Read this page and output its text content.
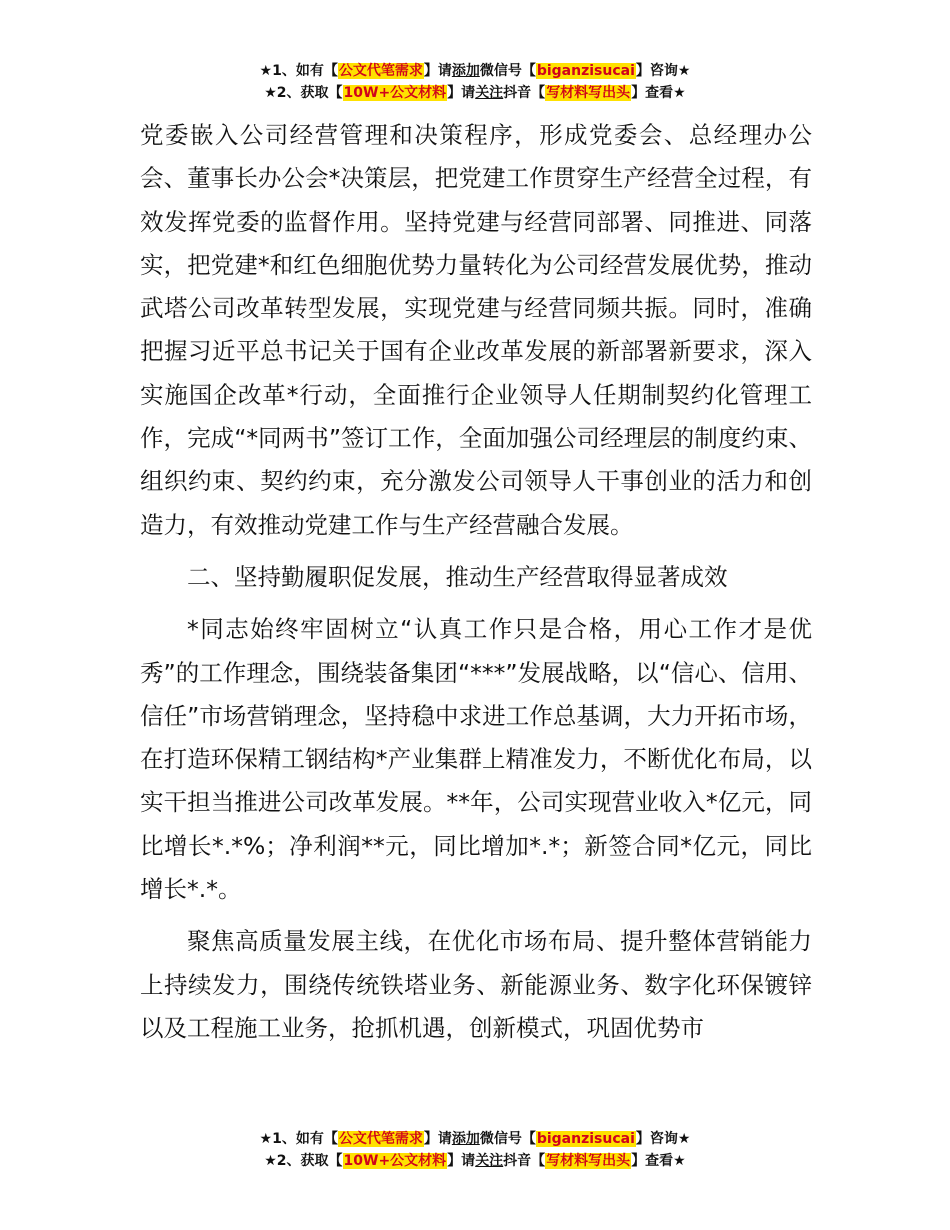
★1、如有【公文代笔需求】请添加微信号【biganzisucai】咨询★
★2、获取【10W+公文材料】请关注抖音【写材料写出头】查看★

党委嵌入公司经营管理和决策程序，形成党委会、总经理办公会、董事长办公会*决策层，把党建工作贯穿生产经营全过程，有效发挥党委的监督作用。坚持党建与经营同部署、同推进、同落实，把党建*和红色细胞优势力量转化为公司经营发展优势，推动武塔公司改革转型发展，实现党建与经营同频共振。同时，准确把握习近平总书记关于国有企业改革发展的新部署新要求，深入实施国企改革*行动，全面推行企业领导人任期制契约化管理工作，完成“*同两书”签订工作，全面加强公司经理层的制度约束、组织约束、契约约束，充分激发公司领导人干事创业的活力和创造力，有效推动党建工作与生产经营融合发展。

二、坚持勤履职促发展，推动生产经营取得显著成效

*同志始终牢固树立“认真工作只是合格，用心工作才是优秀”的工作理念，围绕装备集团“***”发展战略，以“信心、信用、信任”市场营销理念，坚持稳中求进工作总基调，大力开拓市场，在打造环保精工钢结构*产业集群上精准发力，不断优化布局，以实干担当推进公司改革发展。**年，公司实现营业收入*亿元，同比增长*.*%；净利润**元，同比增加*.*；新签合同*亿元，同比增长*.*。

聚焦高质量发展主线，在优化市场布局、提升整体营销能力上持续发力，围绕传统铁塔业务、新能源业务、数字化环保镀锌以及工程施工业务，抢抓机遇，创新模式，巩固优势市

★1、如有【公文代笔需求】请添加微信号【biganzisucai】咨询★
★2、获取【10W+公文材料】请关注抖音【写材料写出头】查看★
